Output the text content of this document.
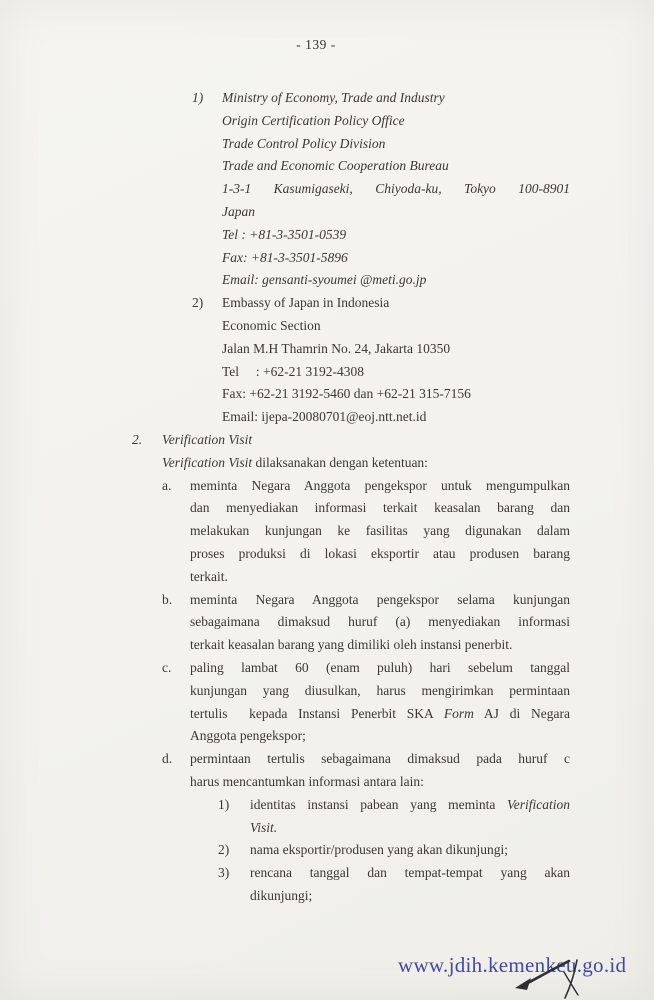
- 139 -
1)	Ministry of Economy, Trade and Industry
Origin Certification Policy Office
Trade Control Policy Division
Trade and Economic Cooperation Bureau
1-3-1 Kasumigaseki, Chiyoda-ku, Tokyo 100-8901
Japan
Tel : +81-3-3501-0539
Fax: +81-3-3501-5896
Email: gensanti-syoumei @meti.go.jp
2)	Embassy of Japan in Indonesia
Economic Section
Jalan M.H Thamrin No. 24, Jakarta 10350
Tel     : +62-21 3192-4308
Fax: +62-21 3192-5460 dan +62-21 315-7156
Email: ijepa-20080701@eoj.ntt.net.id
2.	Verification Visit
Verification Visit dilaksanakan dengan ketentuan:
a.	meminta Negara Anggota pengekspor untuk mengumpulkan
dan menyediakan informasi terkait keasalan barang dan
melakukan kunjungan ke fasilitas yang digunakan dalam
proses produksi di lokasi eksportir atau produsen barang
terkait.
b.	meminta Negara Anggota pengekspor selama kunjungan
sebagaimana dimaksud huruf (a) menyediakan informasi
terkait keasalan barang yang dimiliki oleh instansi penerbit.
c.	paling lambat 60 (enam puluh) hari sebelum tanggal
kunjungan yang diusulkan, harus mengirimkan permintaan
tertulis  kepada Instansi Penerbit SKA Form AJ di Negara
Anggota pengekspor;
d.	permintaan tertulis sebagaimana dimaksud pada huruf c
harus mencantumkan informasi antara lain:
1)	identitas instansi pabean yang meminta Verification
Visit.
2)	nama eksportir/produsen yang akan dikunjungi;
3)	rencana tanggal dan tempat-tempat yang akan
dikunjungi;
www.jdih.kemenkeu.go.id
